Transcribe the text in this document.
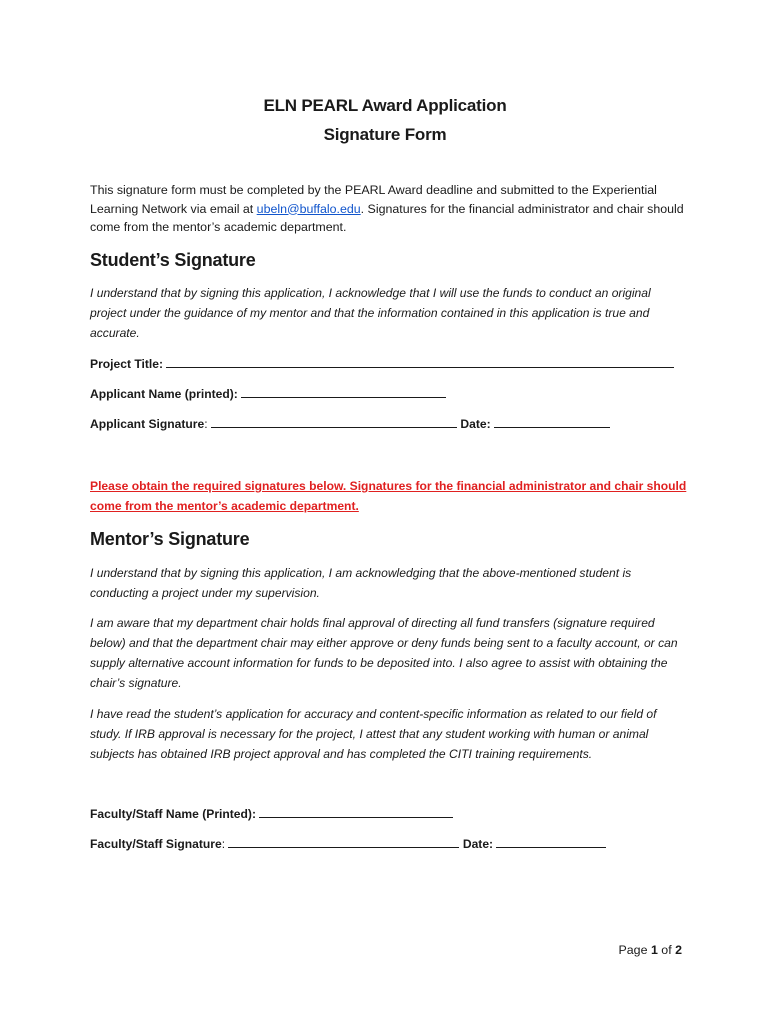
ELN PEARL Award Application
Signature Form
This signature form must be completed by the PEARL Award deadline and submitted to the Experiential Learning Network via email at ubeln@buffalo.edu. Signatures for the financial administrator and chair should come from the mentor’s academic department.
Student’s Signature
I understand that by signing this application, I acknowledge that I will use the funds to conduct an original project under the guidance of my mentor and that the information contained in this application is true and accurate.
Project Title:
Applicant Name (printed):
Applicant Signature:	Date:
Please obtain the required signatures below. Signatures for the financial administrator and chair should come from the mentor’s academic department.
Mentor’s Signature
I understand that by signing this application, I am acknowledging that the above-mentioned student is conducting a project under my supervision.
I am aware that my department chair holds final approval of directing all fund transfers (signature required below) and that the department chair may either approve or deny funds being sent to a faculty account, or can supply alternative account information for funds to be deposited into. I also agree to assist with obtaining the chair’s signature.
I have read the student’s application for accuracy and content-specific information as related to our field of study. If IRB approval is necessary for the project, I attest that any student working with human or animal subjects has obtained IRB project approval and has completed the CITI training requirements.
Faculty/Staff Name (Printed):
Faculty/Staff Signature:	Date:
Page 1 of 2
